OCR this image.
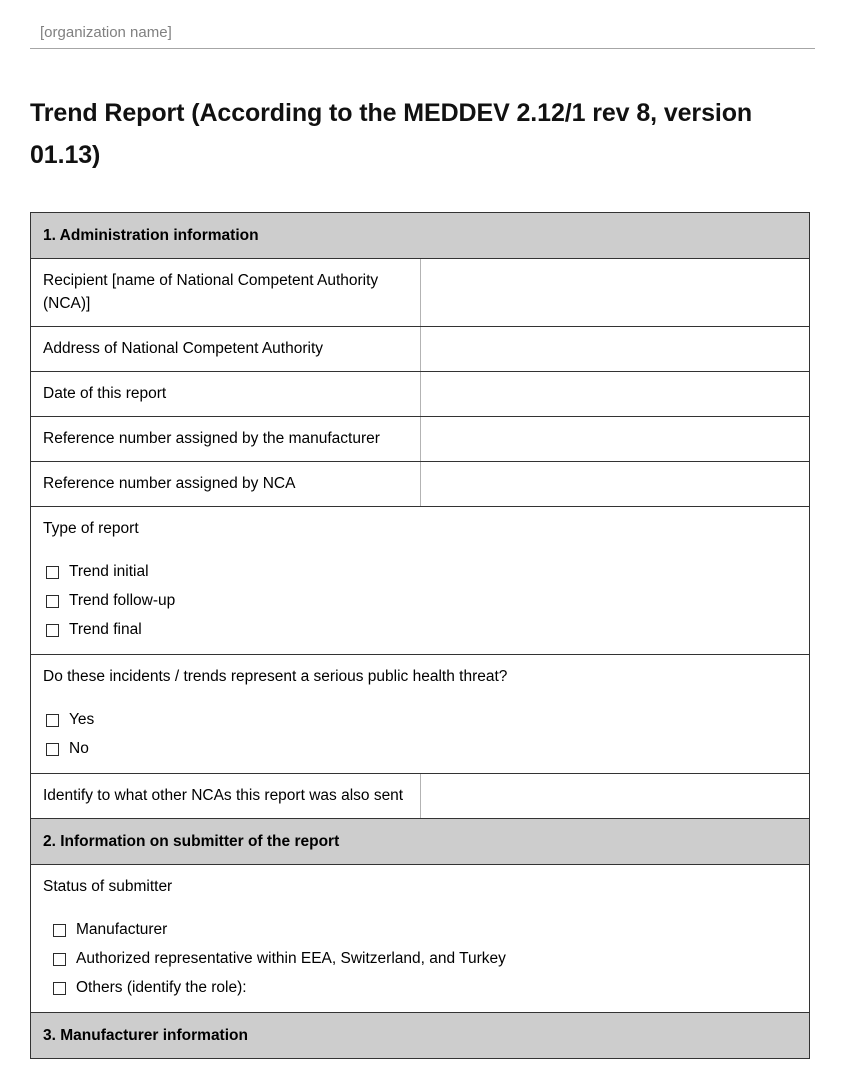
[organization name]
Trend Report (According to the MEDDEV 2.12/1 rev 8, version 01.13)
1. Administration information	
Recipient [name of National Competent Authority (NCA)]	
Address of National Competent Authority	
Date of this report	
Reference number assigned by the manufacturer	
Reference number assigned by NCA	

Type of report
Trend initial
Trend follow-up
Trend final

Do these incidents / trends represent a serious public health threat?
Yes
No

Identify to what other NCAs this report was also sent	
2. Information on submitter of the report	

Status of submitter
Manufacturer
Authorized representative within EEA, Switzerland, and Turkey
Others (identify the role):

3. Manufacturer information	
